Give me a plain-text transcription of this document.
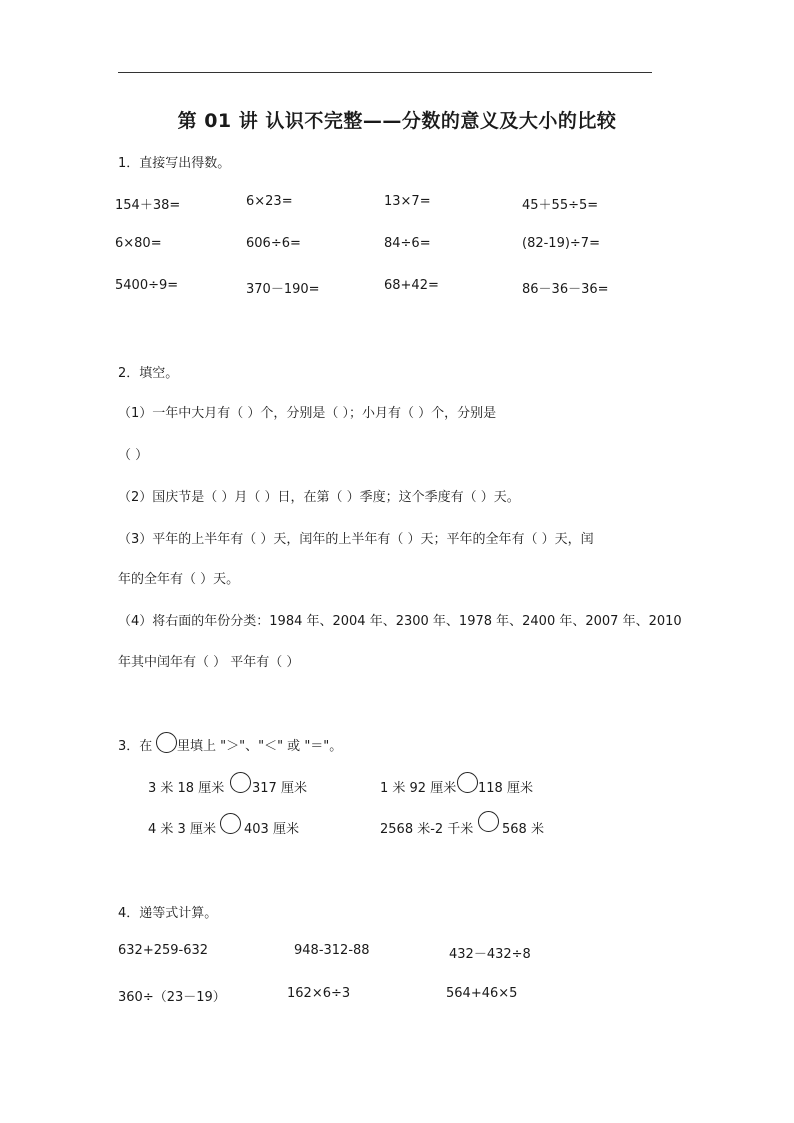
第 01 讲 认识不完整——分数的意义及大小的比较
1．直接写出得数。
154＋38=	6×23=	13×7=	45＋55÷5=
6×80=	606÷6=	84÷6=	(82-19)÷7=
5400÷9=	370－190=	68+42=	86－36－36=
2．填空。
（1）一年中大月有（ ）个，分别是（ ）；小月有（ ）个，分别是
（ ）
（2）国庆节是（ ）月（ ）日，在第（ ）季度；这个季度有（ ）天。
（3）平年的上半年有（ ）天，闰年的上半年有（ ）天；平年的全年有（ ）天，闰
年的全年有（ ）天。
（4）将右面的年份分类：1984 年、2004 年、2300 年、1978 年、2400 年、2007 年、2010
年其中闰年有（ ） 平年有（ ）
3．在 里填上 "＞"、"＜" 或 "＝"。
3 米 18 厘米 317 厘米	1 米 92 厘米 118 厘米
4 米 3 厘米 403 厘米	2568 米-2 千米 568 米
4．递等式计算。
632+259-632	948-312-88	432－432÷8
360÷（23－19）	162×6÷3	564+46×5
